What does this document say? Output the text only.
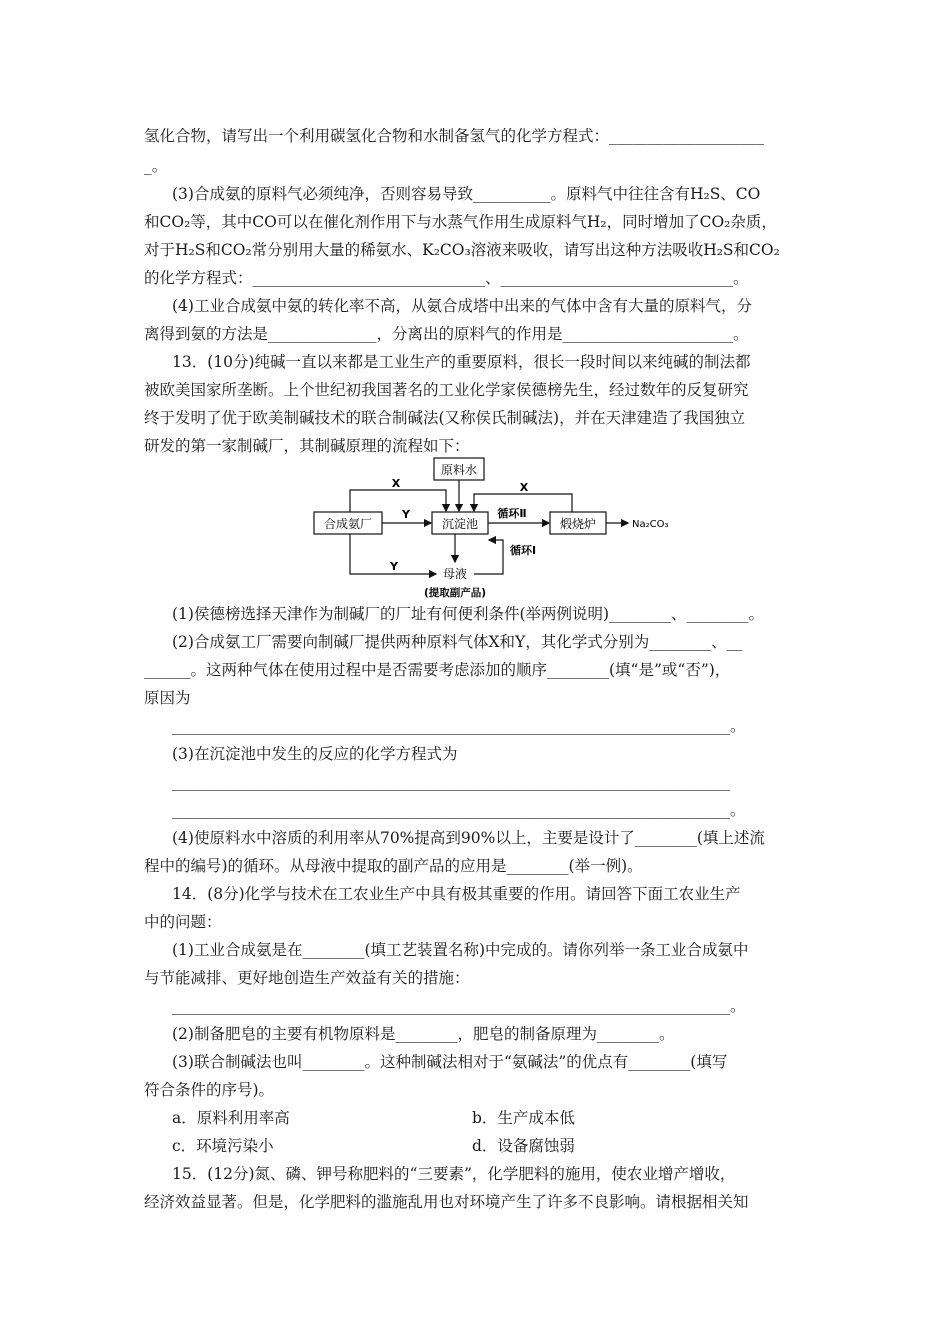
氢化合物，请写出一个利用碳氢化合物和水制备氢气的化学方程式：____________________
_。
(3)合成氨的原料气必须纯净，否则容易导致__________。原料气中往往含有H₂S、CO
和CO₂等，其中CO可以在催化剂作用下与水蒸气作用生成原料气H₂，同时增加了CO₂杂质，
对于H₂S和CO₂常分别用大量的稀氨水、K₂CO₃溶液来吸收，请写出这种方法吸收H₂S和CO₂
的化学方程式：______________________________、______________________________。
(4)工业合成氨中氨的转化率不高，从氨合成塔中出来的气体中含有大量的原料气，分
离得到氨的方法是______________，分离出的原料气的作用是______________________。
13．(10分)纯碱一直以来都是工业生产的重要原料，很长一段时间以来纯碱的制法都
被欧美国家所垄断。上个世纪初我国著名的工业化学家侯德榜先生，经过数年的反复研究
终于发明了优于欧美制碱技术的联合制碱法(又称侯氏制碱法)，并在天津建造了我国独立
研发的第一家制碱厂，其制碱原理的流程如下：
原料水
合成氨厂	沉淀池	煅烧炉	Na₂CO₃
X	X
Y
Y
循环Ⅱ
循环Ⅰ
母液
(提取副产品)
(1)侯德榜选择天津作为制碱厂的厂址有何便利条件(举两例说明)________、________。
(2)合成氨工厂需要向制碱厂提供两种原料气体X和Y，其化学式分别为________、__
______。这两种气体在使用过程中是否需要考虑添加的顺序________(填“是”或“否”)，
原因为
________________________________________________________________________。
(3)在沉淀池中发生的反应的化学方程式为
________________________________________________________________________
________________________________________________________________________。
(4)使原料水中溶质的利用率从70%提高到90%以上，主要是设计了________(填上述流
程中的编号)的循环。从母液中提取的副产品的应用是________(举一例)。
14．(8分)化学与技术在工农业生产中具有极其重要的作用。请回答下面工农业生产
中的问题：
(1)工业合成氨是在________(填工艺装置名称)中完成的。请你列举一条工业合成氨中
与节能减排、更好地创造生产效益有关的措施：
________________________________________________________________________。
(2)制备肥皂的主要有机物原料是________，肥皂的制备原理为________。
(3)联合制碱法也叫________。这种制碱法相对于“氨碱法”的优点有________(填写
符合条件的序号)。
a．原料利用率高	b．生产成本低
c．环境污染小	d．设备腐蚀弱
15．(12分)氮、磷、钾号称肥料的“三要素”，化学肥料的施用，使农业增产增收，
经济效益显著。但是，化学肥料的滥施乱用也对环境产生了许多不良影响。请根据相关知
